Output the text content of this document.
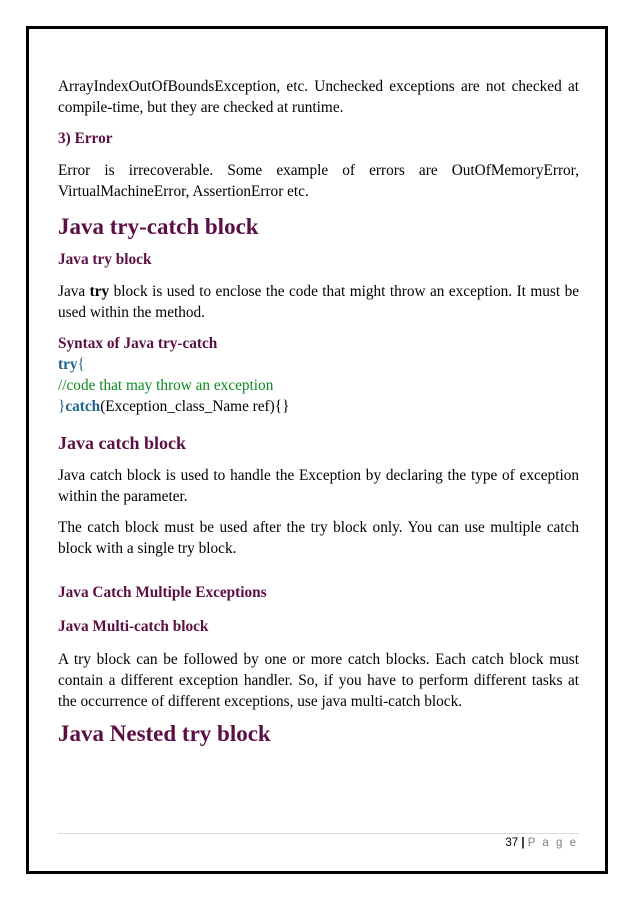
ArrayIndexOutOfBoundsException, etc. Unchecked exceptions are not checked at compile-time, but they are checked at runtime.

3) Error

Error is irrecoverable. Some example of errors are OutOfMemoryError, VirtualMachineError, AssertionError etc.

Java try-catch block
Java try block

Java try block is used to enclose the code that might throw an exception. It must be used within the method.

Syntax of Java try-catch
try{
//code that may throw an exception
}catch(Exception_class_Name ref){}
Java catch block

Java catch block is used to handle the Exception by declaring the type of exception within the parameter.

The catch block must be used after the try block only. You can use multiple catch block with a single try block.

Java Catch Multiple Exceptions
Java Multi-catch block

A try block can be followed by one or more catch blocks. Each catch block must contain a different exception handler. So, if you have to perform different tasks at the occurrence of different exceptions, use java multi-catch block.

Java Nested try block
37 | P a g e
